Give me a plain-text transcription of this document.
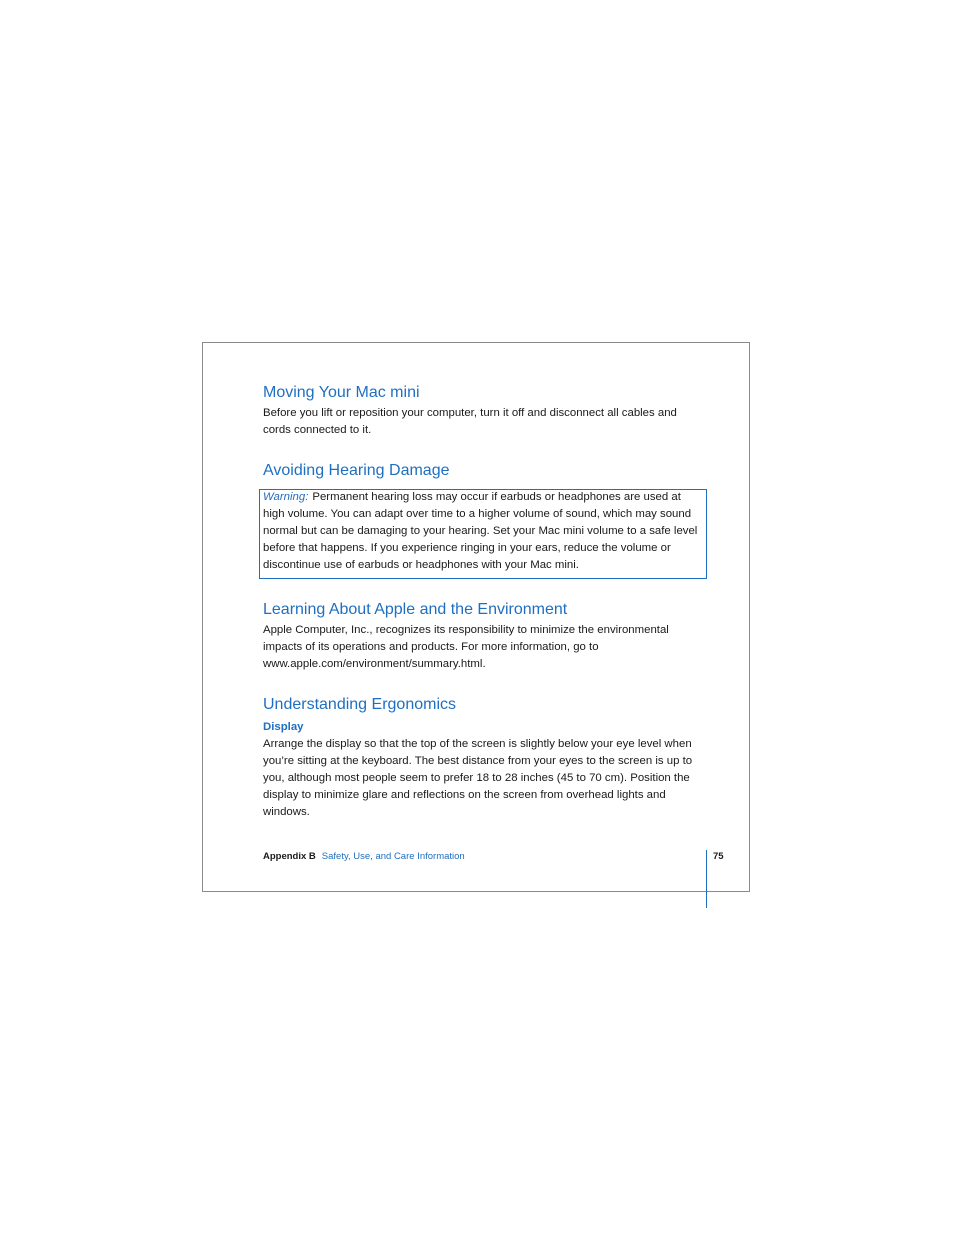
Moving Your Mac mini

Before you lift or reposition your computer, turn it off and disconnect all cables and cords connected to it.

Avoiding Hearing Damage
Learning About Apple and the Environment

Apple Computer, Inc., recognizes its responsibility to minimize the environmental impacts of its operations and products. For more information, go to www.apple.com/environment/summary.html.

Understanding Ergonomics
Display

Arrange the display so that the top of the screen is slightly below your eye level when you’re sitting at the keyboard. The best distance from your eyes to the screen is up to you, although most people seem to prefer 18 to 28 inches (45 to 70 cm). Position the display to minimize glare and reflections on the screen from overhead lights and windows.

Warning: Permanent hearing loss may occur if earbuds or headphones are used at high volume. You can adapt over time to a higher volume of sound, which may sound normal but can be damaging to your hearing. Set your Mac mini volume to a safe level before that happens. If you experience ringing in your ears, reduce the volume or discontinue use of earbuds or headphones with your Mac mini.
Appendix B Safety, Use, and Care Information	75
